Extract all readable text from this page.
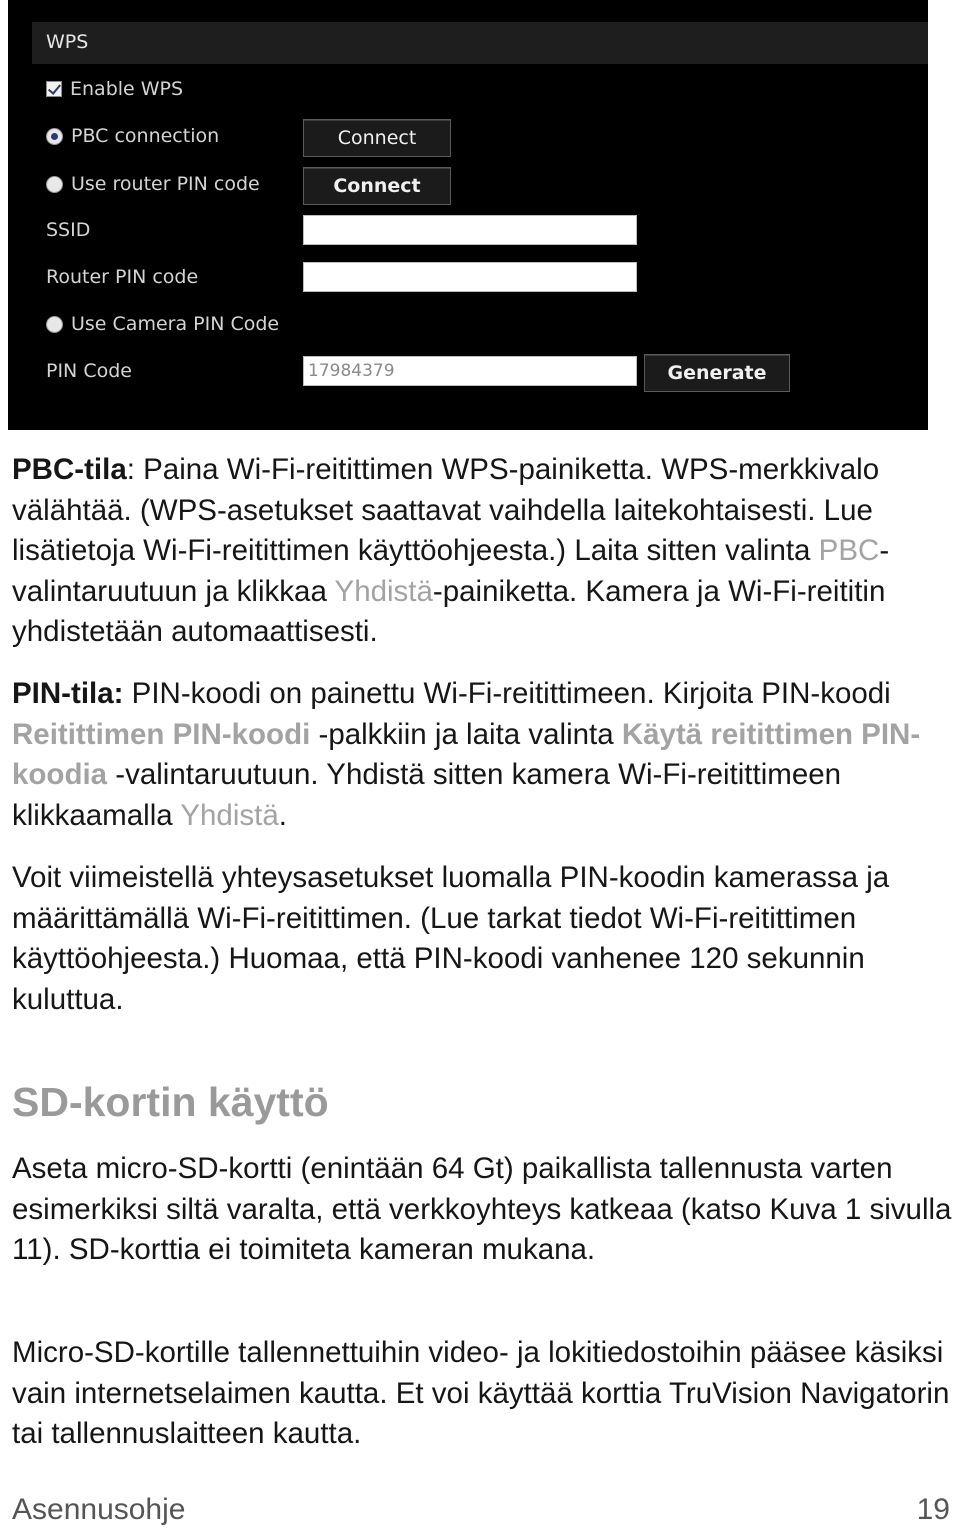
WPS
Enable WPS
PBC connection	Connect
Use router PIN code	Connect
SSID
Router PIN code
Use Camera PIN Code
PIN Code	17984379	Generate

PBC-tila: Paina Wi-Fi-reitittimen WPS-painiketta. WPS-merkkivalo välähtää. (WPS-asetukset saattavat vaihdella laitekohtaisesti. Lue lisätietoja Wi-Fi-reitittimen käyttöohjeesta.) Laita sitten valinta PBC-valintaruutuun ja klikkaa Yhdistä-painiketta. Kamera ja Wi-Fi-reititin yhdistetään automaattisesti.

PIN-tila: PIN-koodi on painettu Wi-Fi-reitittimeen. Kirjoita PIN-koodi Reitittimen PIN-koodi -palkkiin ja laita valinta Käytä reitittimen PIN-koodia -valintaruutuun. Yhdistä sitten kamera Wi-Fi-reitittimeen klikkaamalla Yhdistä.

Voit viimeistellä yhteysasetukset luomalla PIN-koodin kamerassa ja määrittämällä Wi-Fi-reitittimen. (Lue tarkat tiedot Wi-Fi-reitittimen käyttöohjeesta.) Huomaa, että PIN-koodi vanhenee 120 sekunnin kuluttua.

SD-kortin käyttö

Aseta micro-SD-kortti (enintään 64 Gt) paikallista tallennusta varten esimerkiksi siltä varalta, että verkkoyhteys katkeaa (katso Kuva 1 sivulla 11). SD-korttia ei toimiteta kameran mukana.

Micro-SD-kortille tallennettuihin video- ja lokitiedostoihin pääsee käsiksi vain internetselaimen kautta. Et voi käyttää korttia TruVision Navigatorin tai tallennuslaitteen kautta.

Asennusohje	19
